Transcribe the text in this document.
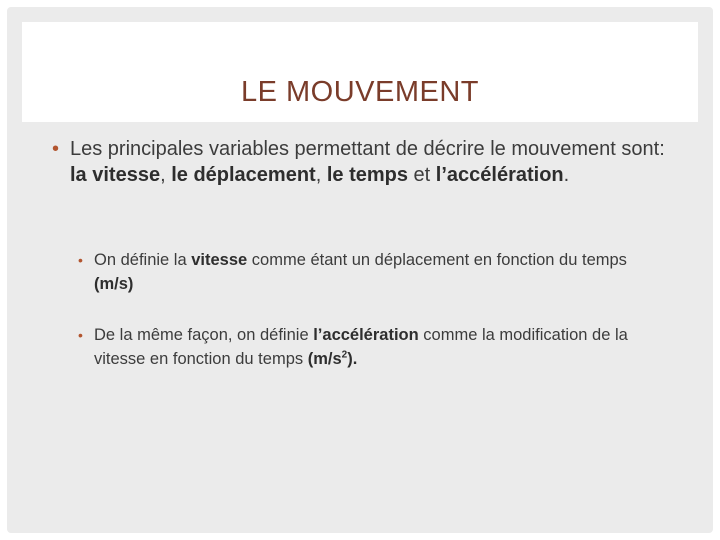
LE MOUVEMENT
• Les principales variables permettant de décrire le mouvement sont: la vitesse, le déplacement, le temps et l’accélération.
• On définie la vitesse comme étant un déplacement en fonction du temps (m/s)
• De la même façon, on définie l’accélération comme la modification de la vitesse en fonction du temps $(m/s^2)$.
